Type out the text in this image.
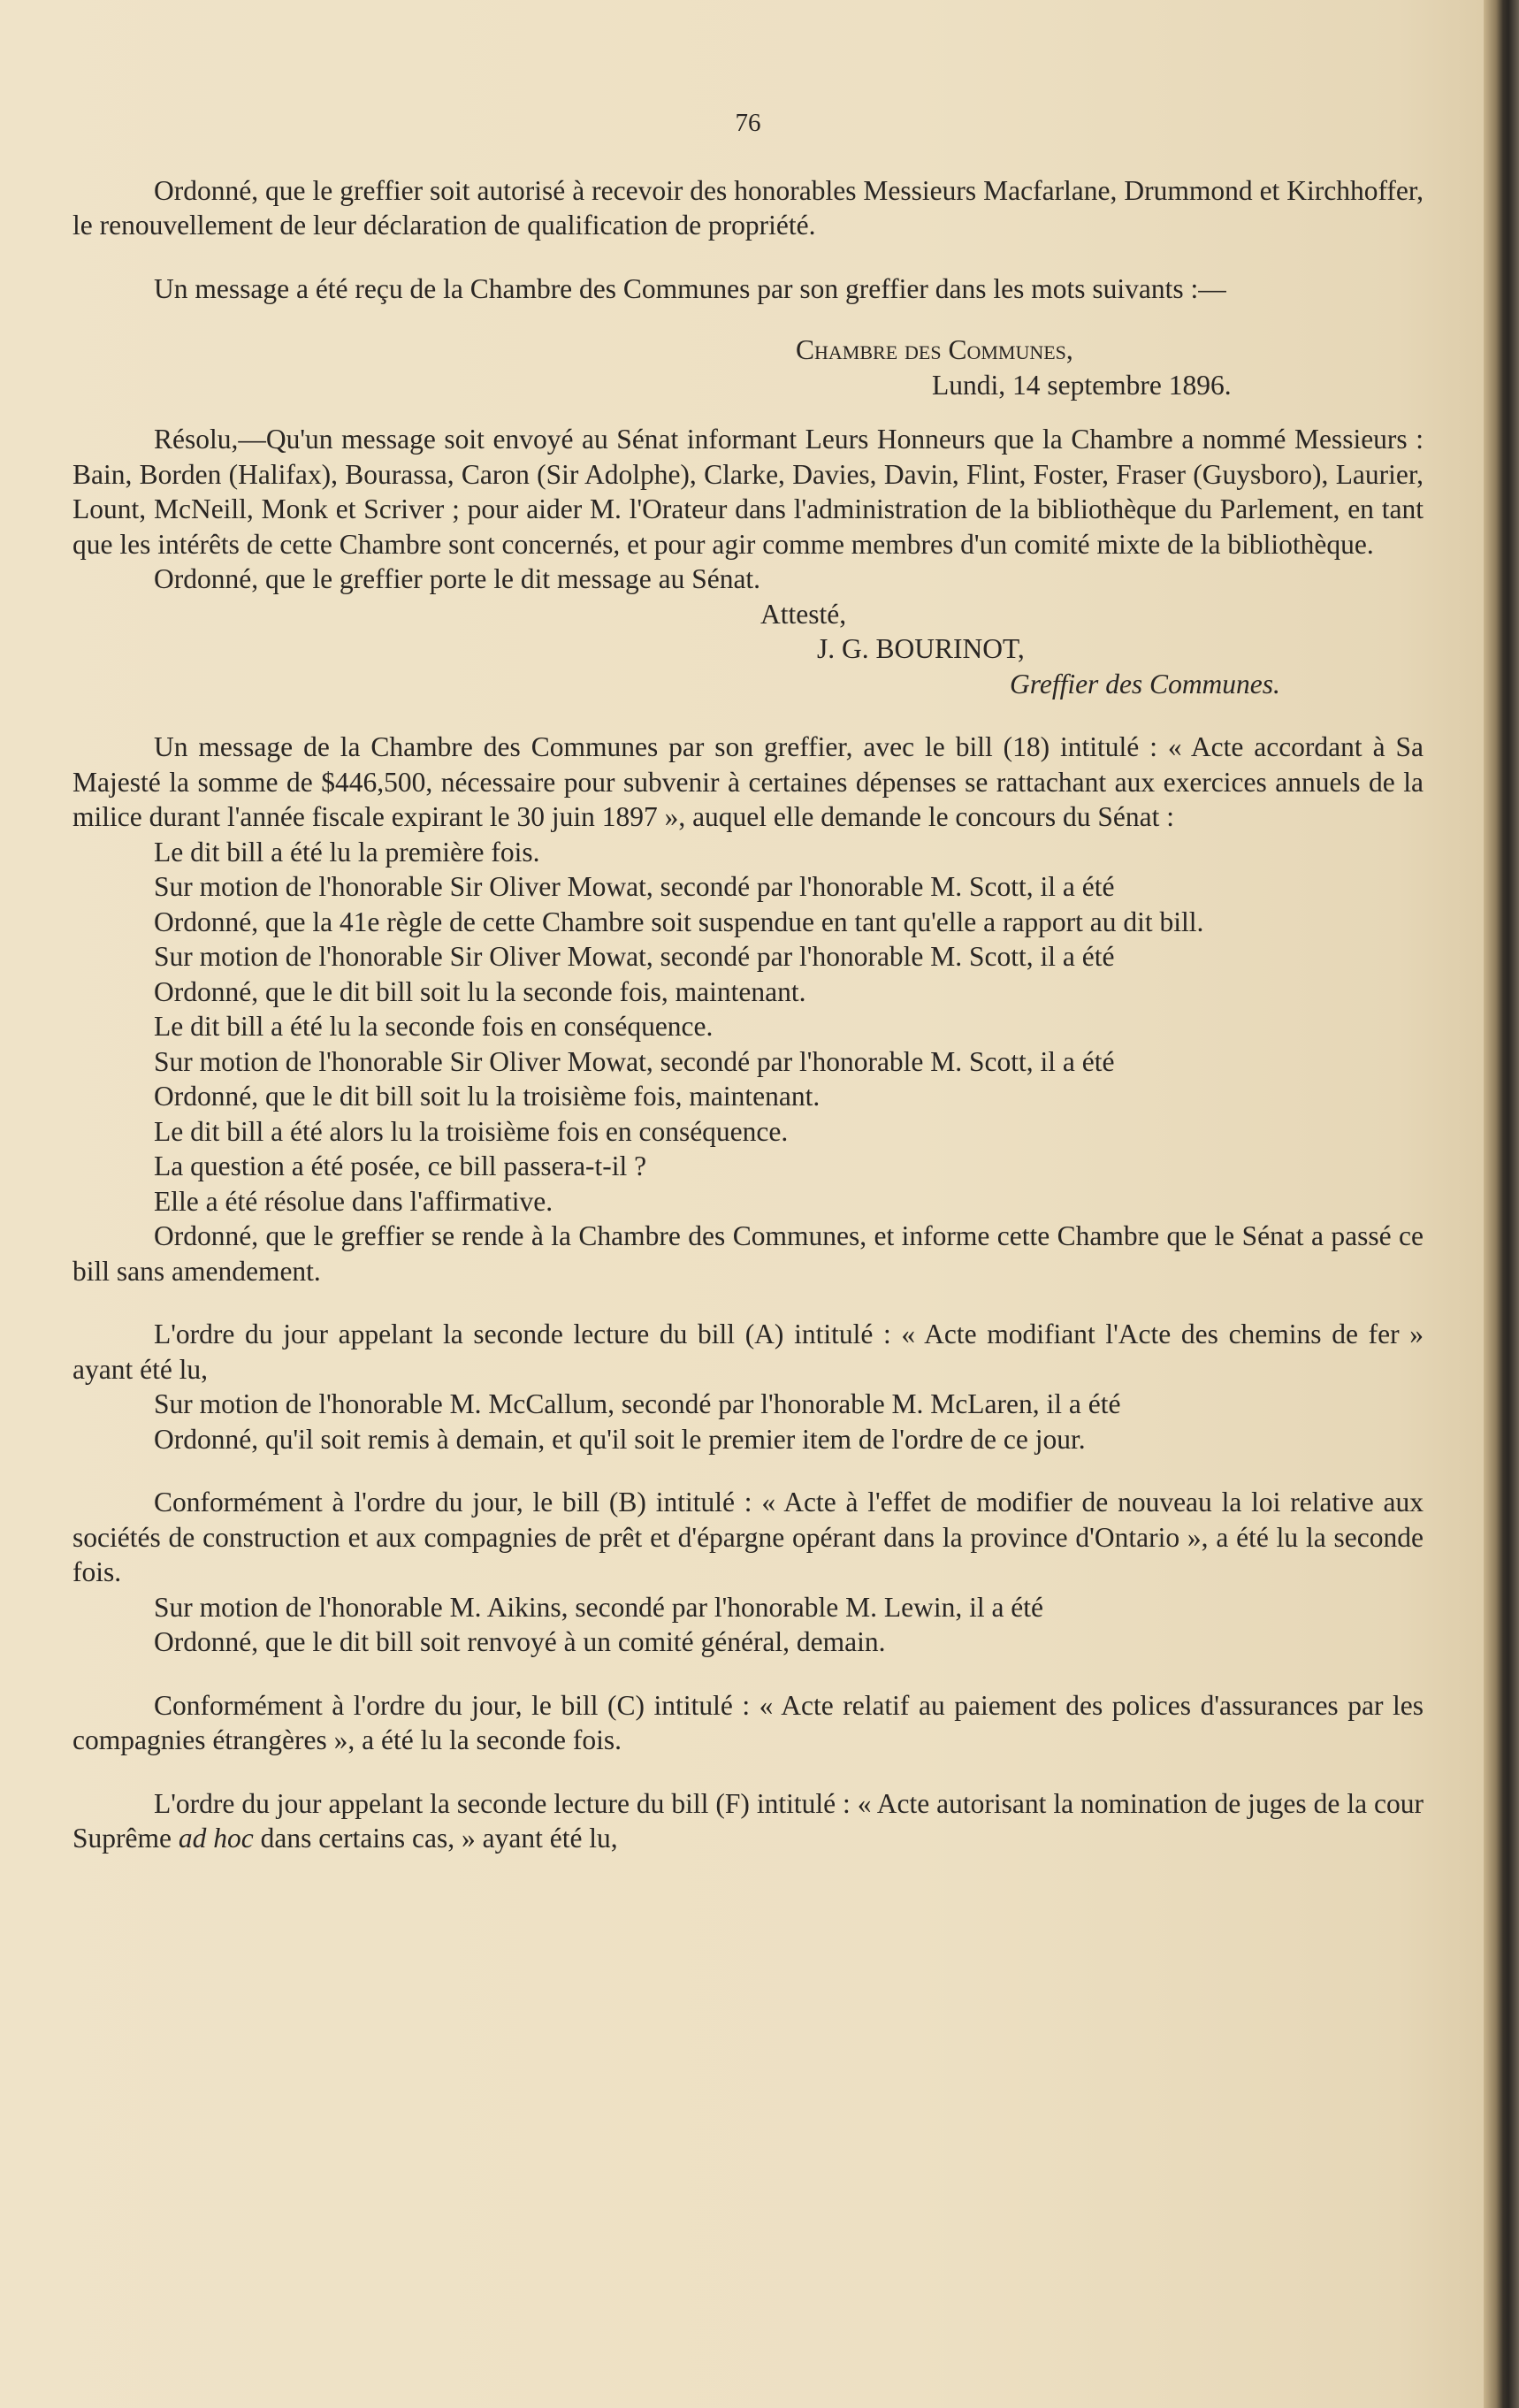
76

Ordonné, que le greffier soit autorisé à recevoir des honorables Messieurs Macfarlane, Drummond et Kirchhoffer, le renouvellement de leur déclaration de qualification de propriété.

Un message a été reçu de la Chambre des Communes par son greffier dans les mots suivants :—

Chambre des Communes,

Lundi, 14 septembre 1896.

Résolu,—Qu'un message soit envoyé au Sénat informant Leurs Honneurs que la Chambre a nommé Messieurs : Bain, Borden (Halifax), Bourassa, Caron (Sir Adolphe), Clarke, Davies, Davin, Flint, Foster, Fraser (Guysboro), Laurier, Lount, McNeill, Monk et Scriver ; pour aider M. l'Orateur dans l'administration de la bibliothèque du Parlement, en tant que les intérêts de cette Chambre sont concernés, et pour agir comme membres d'un comité mixte de la bibliothèque.

Ordonné, que le greffier porte le dit message au Sénat.

Attesté,

J. G. BOURINOT,

Greffier des Communes.

Un message de la Chambre des Communes par son greffier, avec le bill (18) intitulé : « Acte accordant à Sa Majesté la somme de $446,500, nécessaire pour subvenir à certaines dépenses se rattachant aux exercices annuels de la milice durant l'année fiscale expirant le 30 juin 1897 », auquel elle demande le concours du Sénat :

Le dit bill a été lu la première fois.

Sur motion de l'honorable Sir Oliver Mowat, secondé par l'honorable M. Scott, il a été

Ordonné, que la 41e règle de cette Chambre soit suspendue en tant qu'elle a rapport au dit bill.

Sur motion de l'honorable Sir Oliver Mowat, secondé par l'honorable M. Scott, il a été

Ordonné, que le dit bill soit lu la seconde fois, maintenant.

Le dit bill a été lu la seconde fois en conséquence.

Sur motion de l'honorable Sir Oliver Mowat, secondé par l'honorable M. Scott, il a été

Ordonné, que le dit bill soit lu la troisième fois, maintenant.

Le dit bill a été alors lu la troisième fois en conséquence.

La question a été posée, ce bill passera-t-il ?

Elle a été résolue dans l'affirmative.

Ordonné, que le greffier se rende à la Chambre des Communes, et informe cette Chambre que le Sénat a passé ce bill sans amendement.

L'ordre du jour appelant la seconde lecture du bill (A) intitulé : « Acte modifiant l'Acte des chemins de fer » ayant été lu,

Sur motion de l'honorable M. McCallum, secondé par l'honorable M. McLaren, il a été

Ordonné, qu'il soit remis à demain, et qu'il soit le premier item de l'ordre de ce jour.

Conformément à l'ordre du jour, le bill (B) intitulé : « Acte à l'effet de modifier de nouveau la loi relative aux sociétés de construction et aux compagnies de prêt et d'épargne opérant dans la province d'Ontario », a été lu la seconde fois.

Sur motion de l'honorable M. Aikins, secondé par l'honorable M. Lewin, il a été

Ordonné, que le dit bill soit renvoyé à un comité général, demain.

Conformément à l'ordre du jour, le bill (C) intitulé : « Acte relatif au paiement des polices d'assurances par les compagnies étrangères », a été lu la seconde fois.

L'ordre du jour appelant la seconde lecture du bill (F) intitulé : « Acte autorisant la nomination de juges de la cour Suprême ad hoc dans certains cas, » ayant été lu,
